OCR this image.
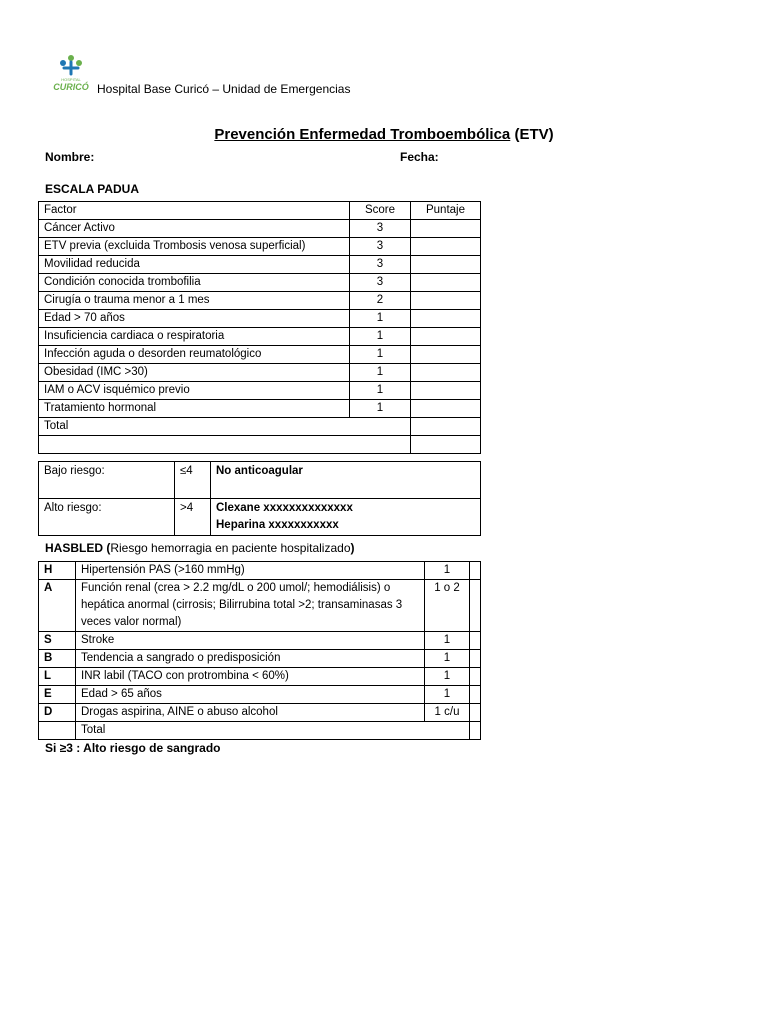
HOSPITAL
CURICÓ Hospital Base Curicó – Unidad de Emergencias
Prevención Enfermedad Tromboembólica (ETV)
Nombre:	Fecha:
ESCALA PADUA
Factor	Score	Puntaje
Cáncer Activo	3	
ETV previa (excluida Trombosis venosa superficial)	3	
Movilidad reducida	3	
Condición conocida trombofilia	3	
Cirugía o trauma menor a 1 mes	2	
Edad > 70 años	1	
Insuficiencia cardiaca o respiratoria	1	
Infección aguda o desorden reumatológico	1	
Obesidad (IMC >30)	1	
IAM o ACV isquémico previo	1	
Tratamiento hormonal	1	
Total		

Bajo riesgo:	≤4	No anticoagular
Alto riesgo:	>4	Clexane xxxxxxxxxxxxxx
Heparina xxxxxxxxxxx
HASBLED (Riesgo hemorragia en paciente hospitalizado)
H	Hipertensión PAS (>160 mmHg)	1	
A	Función renal (crea > 2.2 mg/dL o 200 umol/; hemodiálisis) o hepática anormal (cirrosis; Bilirrubina total >2; transaminasas 3 veces valor normal)	1 o 2	
S	Stroke	1	
B	Tendencia a sangrado o predisposición	1	
L	INR labil (TACO con protrombina < 60%)	1	
E	Edad > 65 años	1	
D	Drogas aspirina, AINE o abuso alcohol	1 c/u	
	Total		
Si ≥3 : Alto riesgo de sangrado
